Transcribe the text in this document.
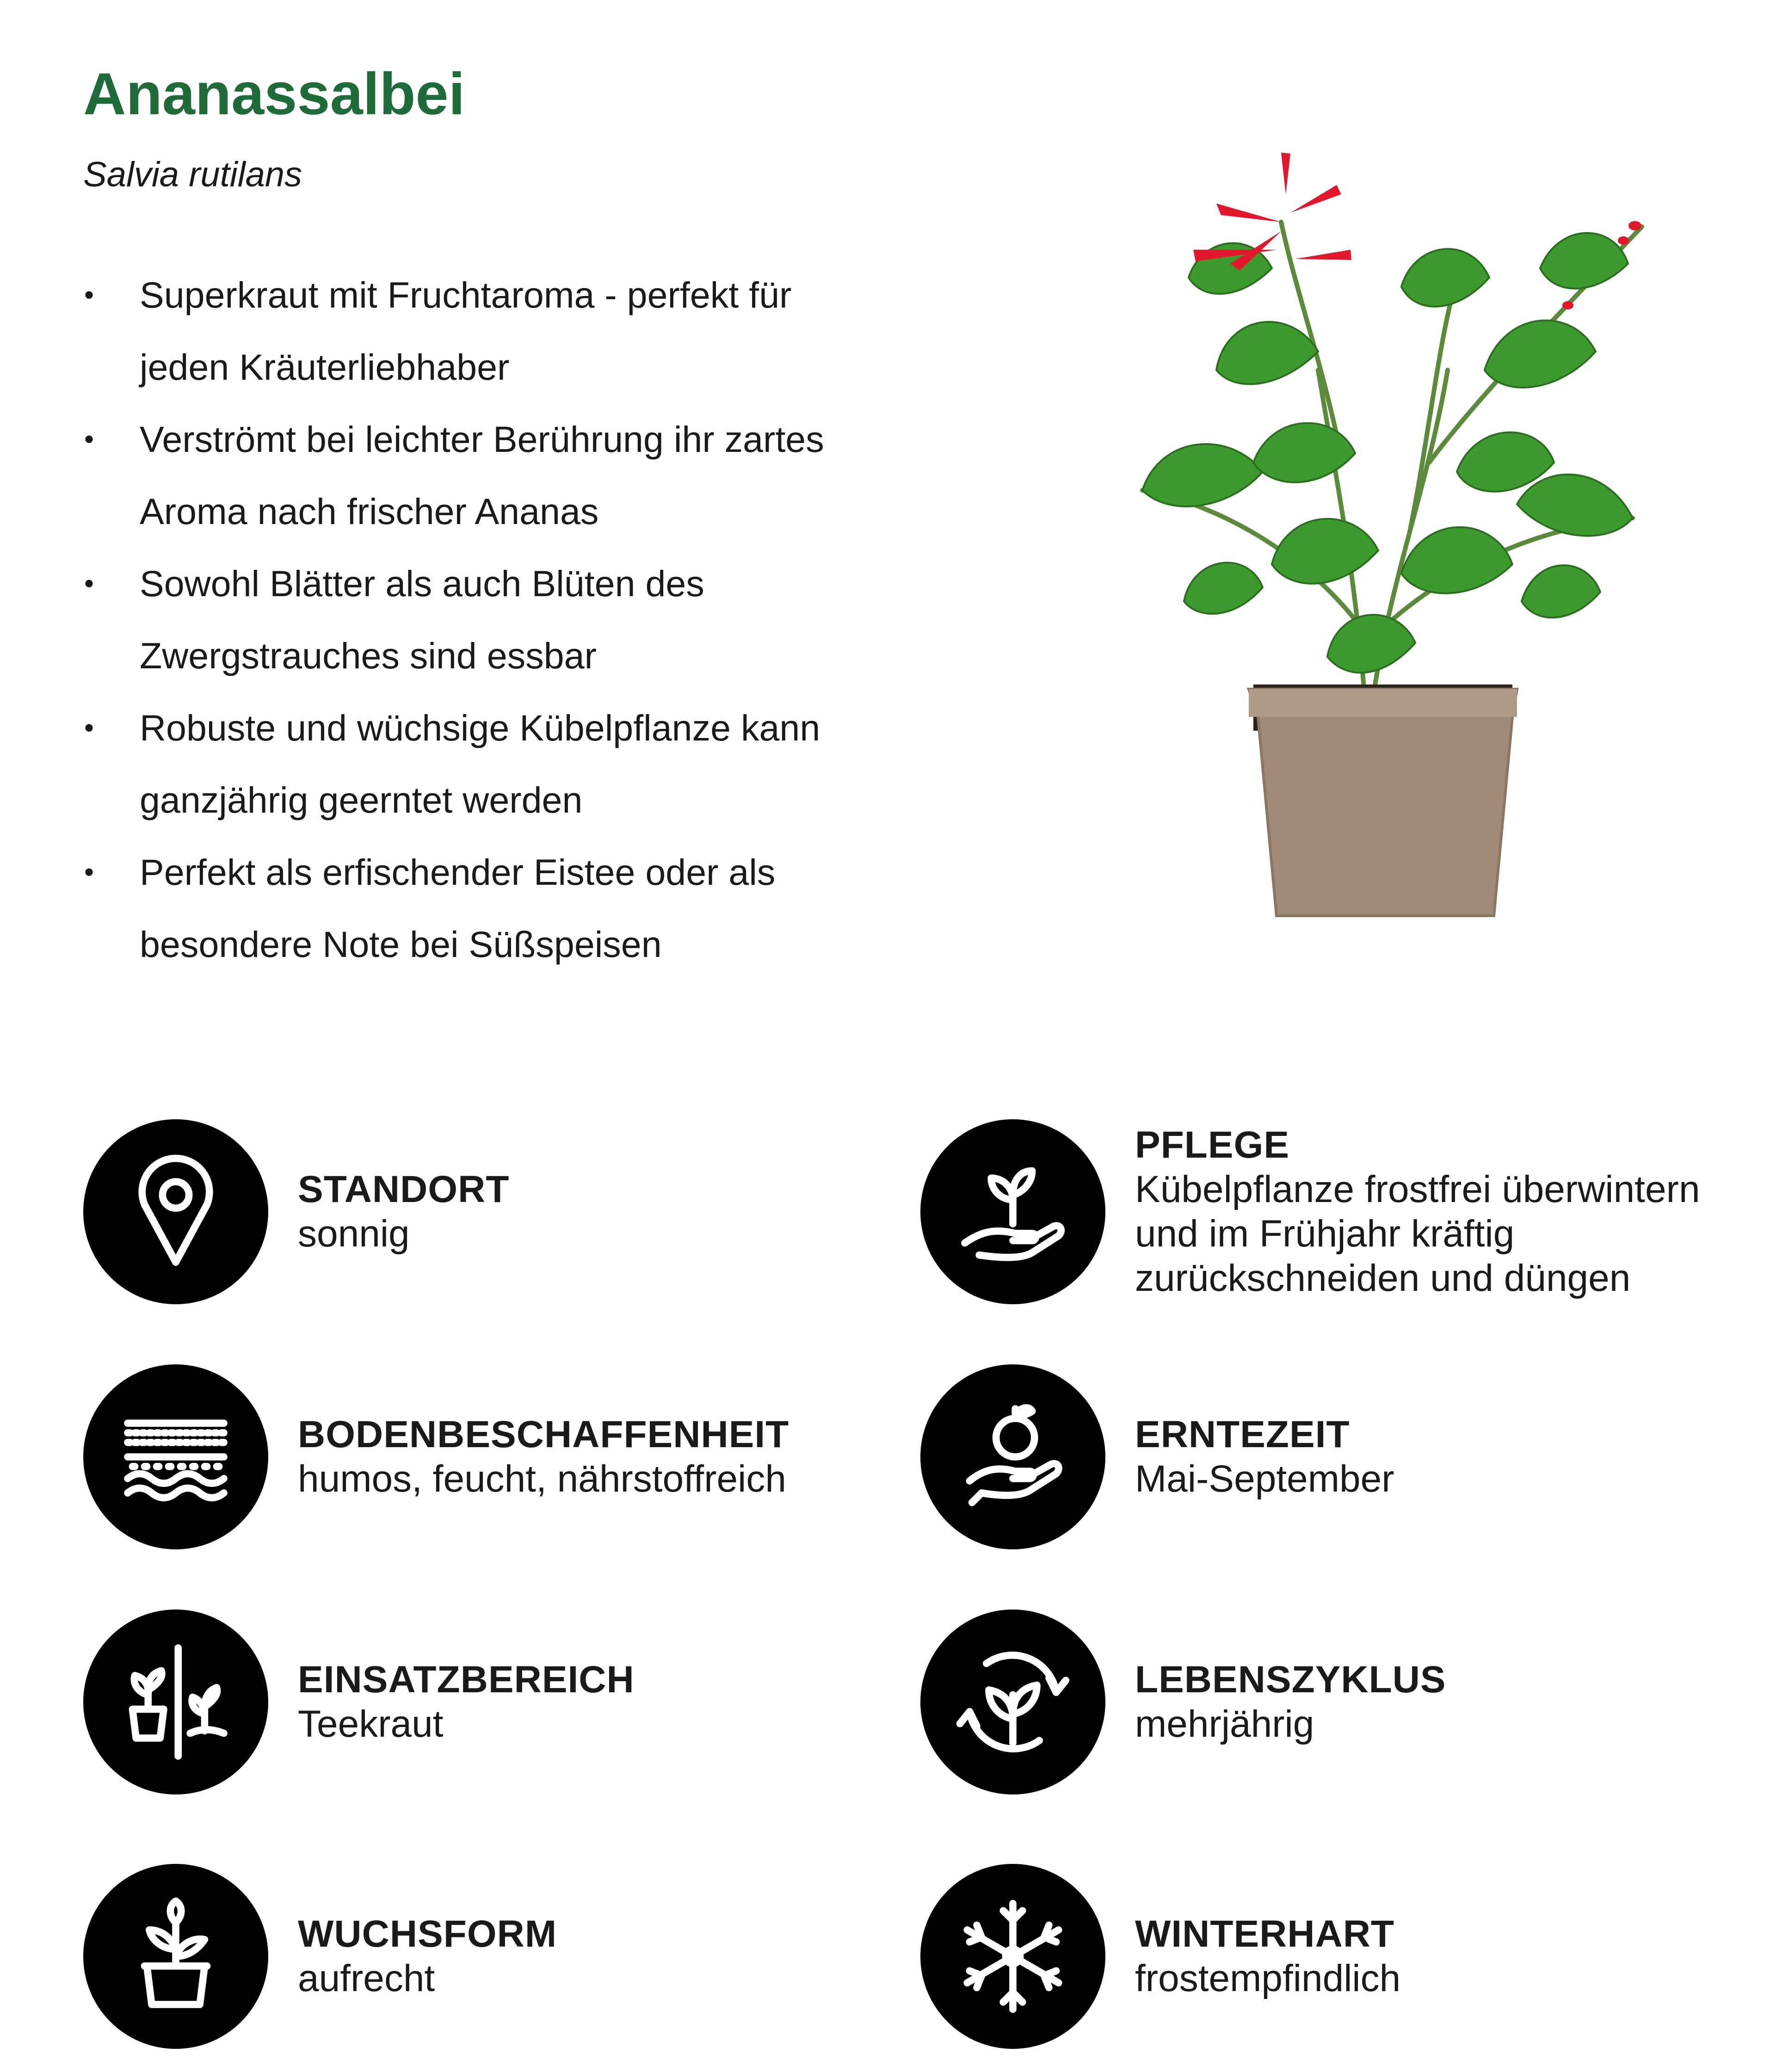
Ananassalbei
Salvia rutilans
• Superkraut mit Fruchtaroma - perfekt für
jeden Kräuterliebhaber
• Verströmt bei leichter Berührung ihr zartes
Aroma nach frischer Ananas
• Sowohl Blätter als auch Blüten des
Zwergstrauches sind essbar
• Robuste und wüchsige Kübelpflanze kann
ganzjährig geerntet werden
• Perfekt als erfischender Eistee oder als
besondere Note bei Süßspeisen
STANDORT
sonnig
BODENBESCHAFFENHEIT
humos, feucht, nährstoffreich
EINSATZBEREICH
Teekraut
WUCHSFORM
aufrecht
PFLEGE
Kübelpflanze frostfrei überwintern
und im Frühjahr kräftig
zurückschneiden und düngen
ERNTEZEIT
Mai-September
LEBENSZYKLUS
mehrjährig
WINTERHART
frostempfindlich
